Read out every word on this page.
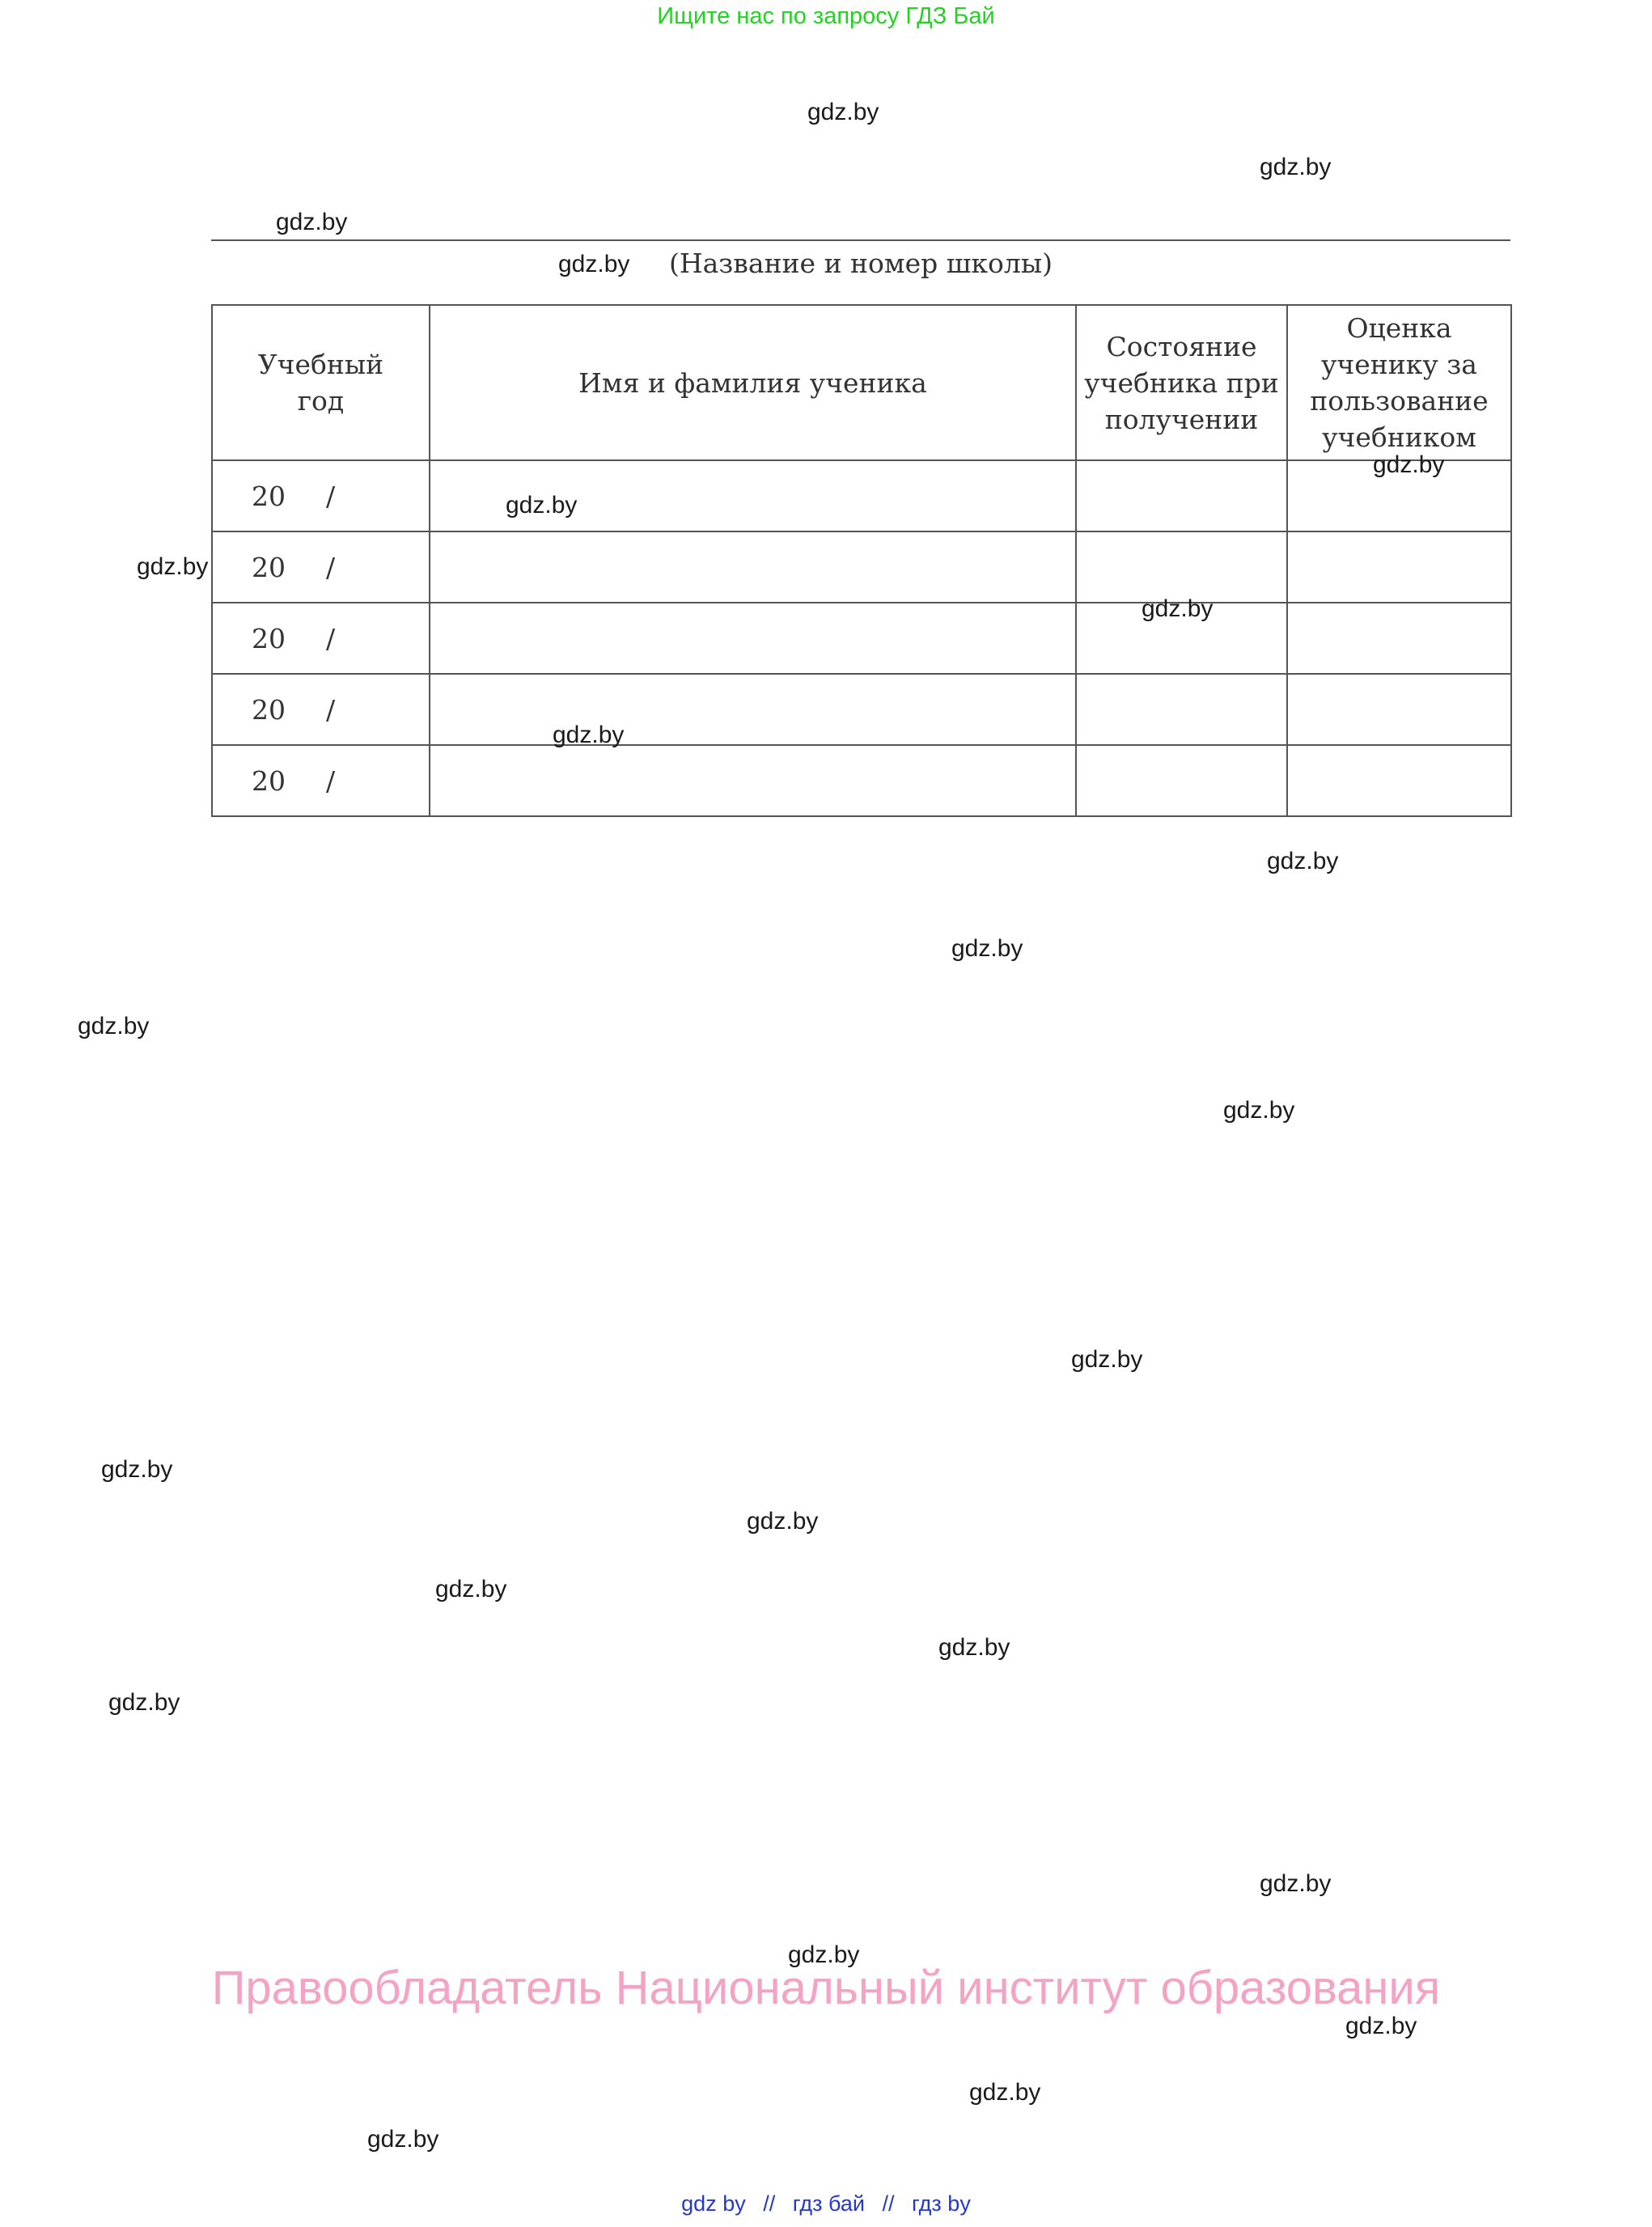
Ищите нас по запросу ГДЗ Бай
gdz.by
gdz.by
gdz.by
gdz.by	(Название и номер школы)
Учебный год	Имя и фамилия ученика	Состояние учебника при получении	Оценка ученику за пользование учебником
20 /			
20 /			
20 /			
20 /			
20 /			
gdz.by
gdz.by
gdz.by
gdz.by
gdz.by
gdz.by
gdz.by
gdz.by
gdz.by
gdz.by
gdz.by
gdz.by
gdz.by
gdz.by
gdz.by
gdz.by
gdz.by
Правообладатель Национальный институт образования
gdz.by
gdz.by
gdz.by
gdz by // гдз бай // гдз by
